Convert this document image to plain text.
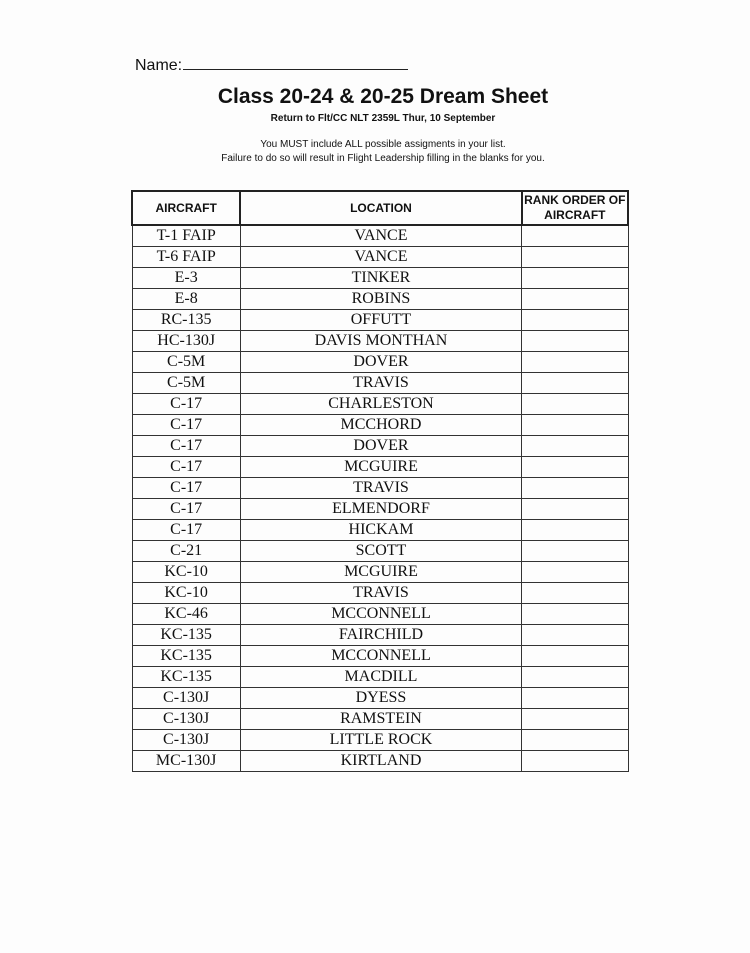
Name:
Class 20-24 & 20-25 Dream Sheet
Return to Flt/CC NLT 2359L Thur, 10 September
You MUST include ALL possible assigments in your list.
Failure to do so will result in Flight Leadership filling in the blanks for you.
AIRCRAFT	LOCATION	RANK ORDER OF AIRCRAFT
T-1 FAIP	VANCE	
T-6 FAIP	VANCE	
E-3	TINKER	
E-8	ROBINS	
RC-135	OFFUTT	
HC-130J	DAVIS MONTHAN	
C-5M	DOVER	
C-5M	TRAVIS	
C-17	CHARLESTON	
C-17	MCCHORD	
C-17	DOVER	
C-17	MCGUIRE	
C-17	TRAVIS	
C-17	ELMENDORF	
C-17	HICKAM	
C-21	SCOTT	
KC-10	MCGUIRE	
KC-10	TRAVIS	
KC-46	MCCONNELL	
KC-135	FAIRCHILD	
KC-135	MCCONNELL	
KC-135	MACDILL	
C-130J	DYESS	
C-130J	RAMSTEIN	
C-130J	LITTLE ROCK	
MC-130J	KIRTLAND	
